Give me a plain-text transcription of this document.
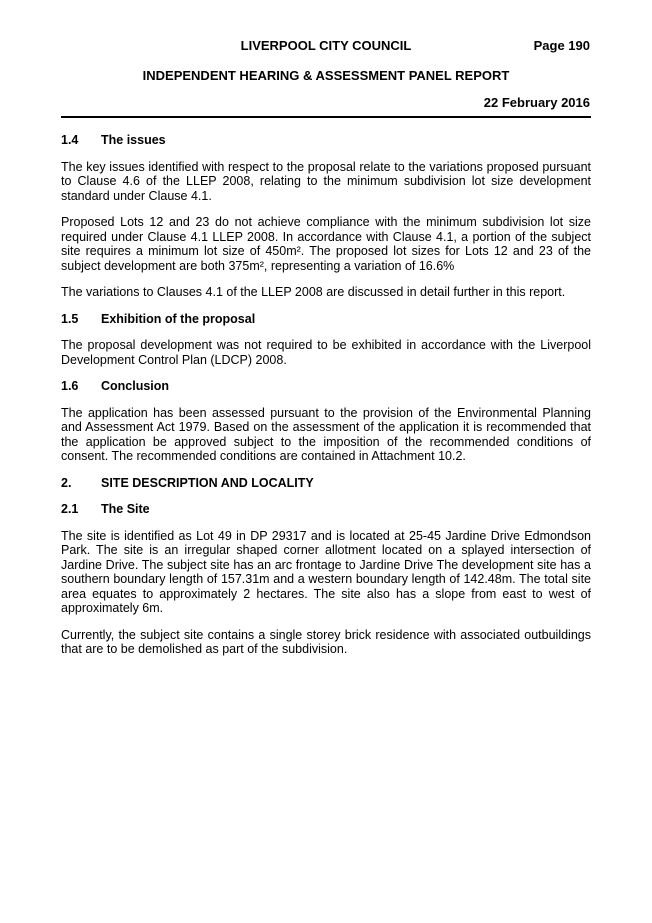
LIVERPOOL CITY COUNCIL	Page 190
INDEPENDENT HEARING & ASSESSMENT PANEL REPORT
22 February 2016
1.4	The issues

The key issues identified with respect to the proposal relate to the variations proposed pursuant to Clause 4.6 of the LLEP 2008, relating to the minimum subdivision lot size development standard under Clause 4.1.

Proposed Lots 12 and 23 do not achieve compliance with the minimum subdivision lot size required under Clause 4.1 LLEP 2008. In accordance with Clause 4.1, a portion of the subject site requires a minimum lot size of 450m². The proposed lot sizes for Lots 12 and 23 of the subject development are both 375m², representing a variation of 16.6%

The variations to Clauses 4.1 of the LLEP 2008 are discussed in detail further in this report.

1.5	Exhibition of the proposal

The proposal development was not required to be exhibited in accordance with the Liverpool Development Control Plan (LDCP) 2008.

1.6	Conclusion

The application has been assessed pursuant to the provision of the Environmental Planning and Assessment Act 1979. Based on the assessment of the application it is recommended that the application be approved subject to the imposition of the recommended conditions of consent. The recommended conditions are contained in Attachment 10.2.

2.	SITE DESCRIPTION AND LOCALITY
2.1	The Site

The site is identified as Lot 49 in DP 29317 and is located at 25-45 Jardine Drive Edmondson Park. The site is an irregular shaped corner allotment located on a splayed intersection of Jardine Drive. The subject site has an arc frontage to Jardine Drive The development site has a southern boundary length of 157.31m and a western boundary length of 142.48m. The total site area equates to approximately 2 hectares. The site also has a slope from east to west of approximately 6m.

Currently, the subject site contains a single storey brick residence with associated outbuildings that are to be demolished as part of the subdivision.
